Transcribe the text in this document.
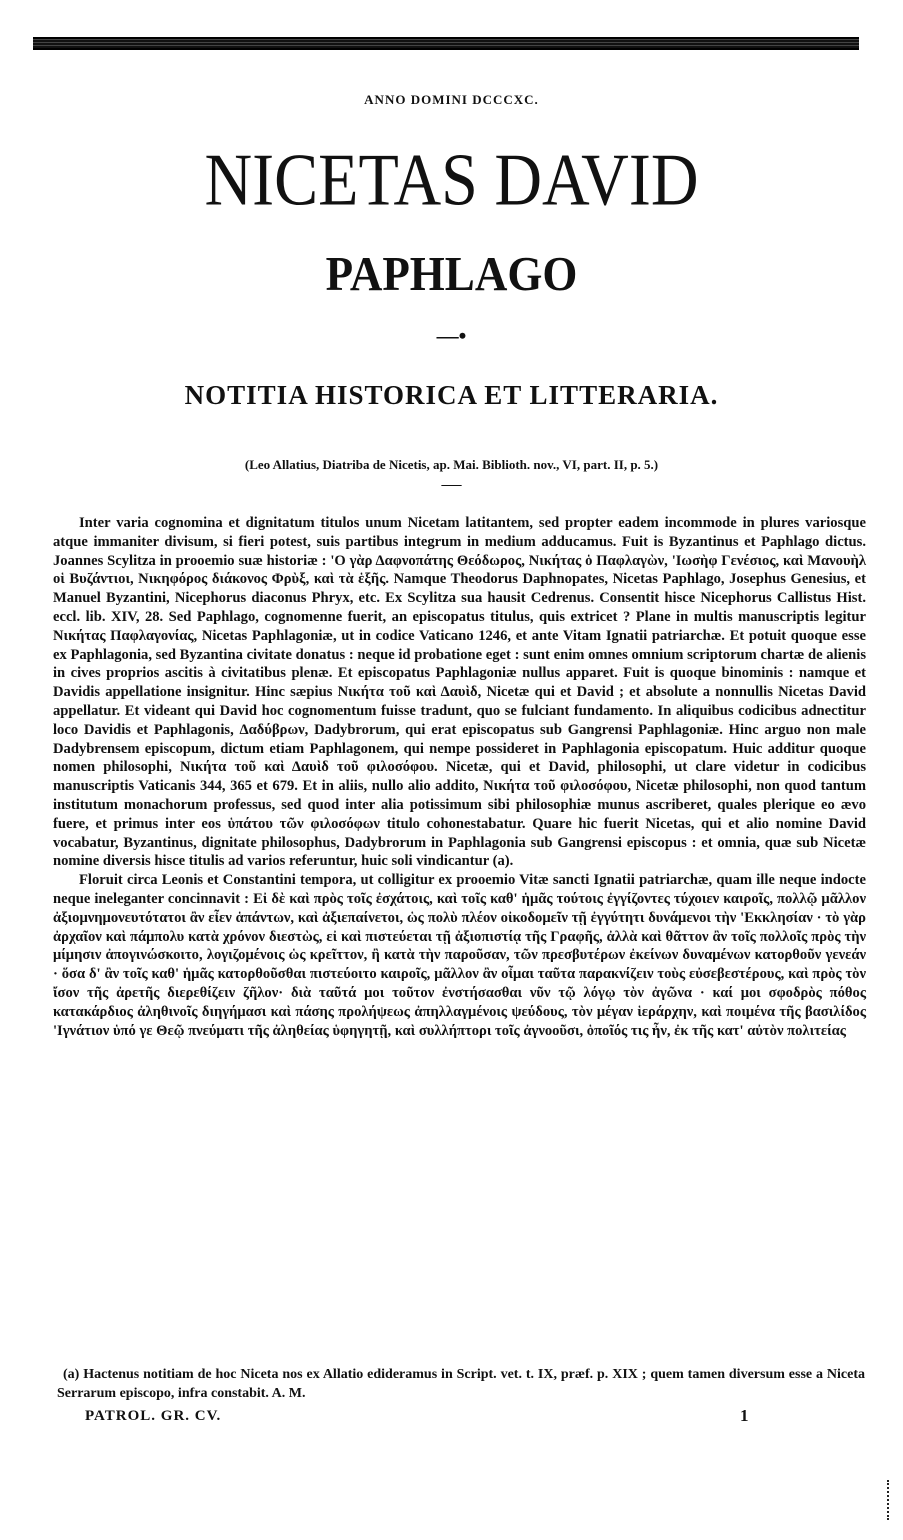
ANNO DOMINI DCCCXC.
NICETAS DAVID
PAPHLAGO
—•
NOTITIA HISTORICA ET LITTERARIA.
(Leo Allatius, Diatriba de Nicetis, ap. Mai. Biblioth. nov., VI, part. II, p. 5.)
—

Inter varia cognomina et dignitatum titulos unum Nicetam latitantem, sed propter eadem incommode in plures variosque atque immaniter divisum, si fieri potest, suis partibus integrum in medium adducamus. Fuit is Byzantinus et Paphlago dictus. Joannes Scylitza in prooemio suæ historiæ : 'Ο γὰρ Δαφνοπάτης Θεόδωρος, Νικήτας ὁ Παφλαγὼν, 'Ιωσὴφ Γενέσιος, καὶ Μανουὴλ οἱ Βυζάντιοι, Νικηφόρος διάκονος Φρὺξ, καὶ τὰ ἑξῆς. Namque Theodorus Daphnopates, Nicetas Paphlago, Josephus Genesius, et Manuel Byzantini, Nicephorus diaconus Phryx, etc. Ex Scylitza sua hausit Cedrenus. Consentit hisce Nicephorus Callistus Hist. eccl. lib. XIV, 28. Sed Paphlago, cognomenne fuerit, an episcopatus titulus, quis extricet ? Plane in multis manuscriptis legitur Νικήτας Παφλαγονίας, Nicetas Paphlagoniæ, ut in codice Vaticano 1246, et ante Vitam Ignatii patriarchæ. Et potuit quoque esse ex Paphlagonia, sed Byzantina civitate donatus : neque id probatione eget : sunt enim omnes omnium scriptorum chartæ de alienis in cives proprios ascitis à civitatibus plenæ. Et episcopatus Paphlagoniæ nullus apparet. Fuit is quoque binominis : namque et Davidis appellatione insignitur. Hinc sæpius Νικήτα τοῦ καὶ Δαυὶδ, Nicetæ qui et David ; et absolute a nonnullis Nicetas David appellatur. Et videant qui David hoc cognomentum fuisse tradunt, quo se fulciant fundamento. In aliquibus codicibus adnectitur loco Davidis et Paphlagonis, Δαδύβρων, Dadybrorum, qui erat episcopatus sub Gangrensi Paphlagoniæ. Hinc arguo non male Dadybrensem episcopum, dictum etiam Paphlagonem, qui nempe possideret in Paphlagonia episcopatum. Huic additur quoque nomen philosophi, Νικήτα τοῦ καὶ Δαυὶδ τοῦ φιλοσόφου. Nicetæ, qui et David, philosophi, ut clare videtur in codicibus manuscriptis Vaticanis 344, 365 et 679. Et in aliis, nullo alio addito, Νικήτα τοῦ φιλοσόφου, Nicetæ philosophi, non quod tantum institutum monachorum professus, sed quod inter alia potissimum sibi philosophiæ munus ascriberet, quales plerique eo ævo fuere, et primus inter eos ὑπάτου τῶν φιλοσόφων titulo cohonestabatur. Quare hic fuerit Nicetas, qui et alio nomine David vocabatur, Byzantinus, dignitate philosophus, Dadybrorum in Paphlagonia sub Gangrensi episcopus : et omnia, quæ sub Nicetæ nomine diversis hisce titulis ad varios referuntur, huic soli vindicantur (a).

Floruit circa Leonis et Constantini tempora, ut colligitur ex prooemio Vitæ sancti Ignatii patriarchæ, quam ille neque indocte neque ineleganter concinnavit : Εἰ δὲ καὶ πρὸς τοῖς ἐσχάτοις, καὶ τοῖς καθ' ἡμᾶς τούτοις ἐγγίζοντες τύχοιεν καιροῖς, πολλῷ μᾶλλον ἀξιομνημονευτότατοι ἂν εἶεν ἁπάντων, καὶ ἀξιεπαίνετοι, ὡς πολὺ πλέον οἰκοδομεῖν τῇ ἐγγύτητι δυνάμενοι τὴν 'Εκκλησίαν · τὸ γὰρ ἀρχαῖον καὶ πάμπολυ κατὰ χρόνον διεστὼς, εἰ καὶ πιστεύεται τῇ ἀξιοπιστίᾳ τῆς Γραφῆς, ἀλλὰ καὶ θᾶττον ἂν τοῖς πολλοῖς πρὸς τὴν μίμησιν ἀπογινώσκοιτο, λογιζομένοις ὡς κρεῖττον, ἢ κατὰ τὴν παροῦσαν, τῶν πρεσβυτέρων ἐκείνων δυναμένων κατορθοῦν γενεάν · ὅσα δ' ἂν τοῖς καθ' ἡμᾶς κατορθοῦσθαι πιστεύοιτο καιροῖς, μᾶλλον ἂν οἶμαι ταῦτα παρακνίζειν τοὺς εὐσεβεστέρους, καὶ πρὸς τὸν ἴσον τῆς ἀρετῆς διερεθίζειν ζῆλον· διὰ ταῦτά μοι τοῦτον ἐνστήσασθαι νῦν τῷ λόγῳ τὸν ἀγῶνα · καί μοι σφοδρὸς πόθος κατακάρδιος ἀληθινοῖς διηγήμασι καὶ πάσης προλήψεως ἀπηλλαγμένοις ψεύδους, τὸν μέγαν ἱεράρχην, καὶ ποιμένα τῆς βασιλίδος 'Ιγνάτιον ὑπό γε Θεῷ πνεύματι τῆς ἀληθείας ὑφηγητῇ, καὶ συλλήπτορι τοῖς ἀγνοοῦσι, ὁποῖός τις ἦν, ἐκ τῆς κατ' αὐτὸν πολιτείας

(a) Hactenus notitiam de hoc Niceta nos ex Allatio edideramus in Script. vet. t. IX, præf. p. XIX ; quem tamen diversum esse a Niceta Serrarum episcopo, infra constabit. A. M.
PATROL. GR. CV.	1
